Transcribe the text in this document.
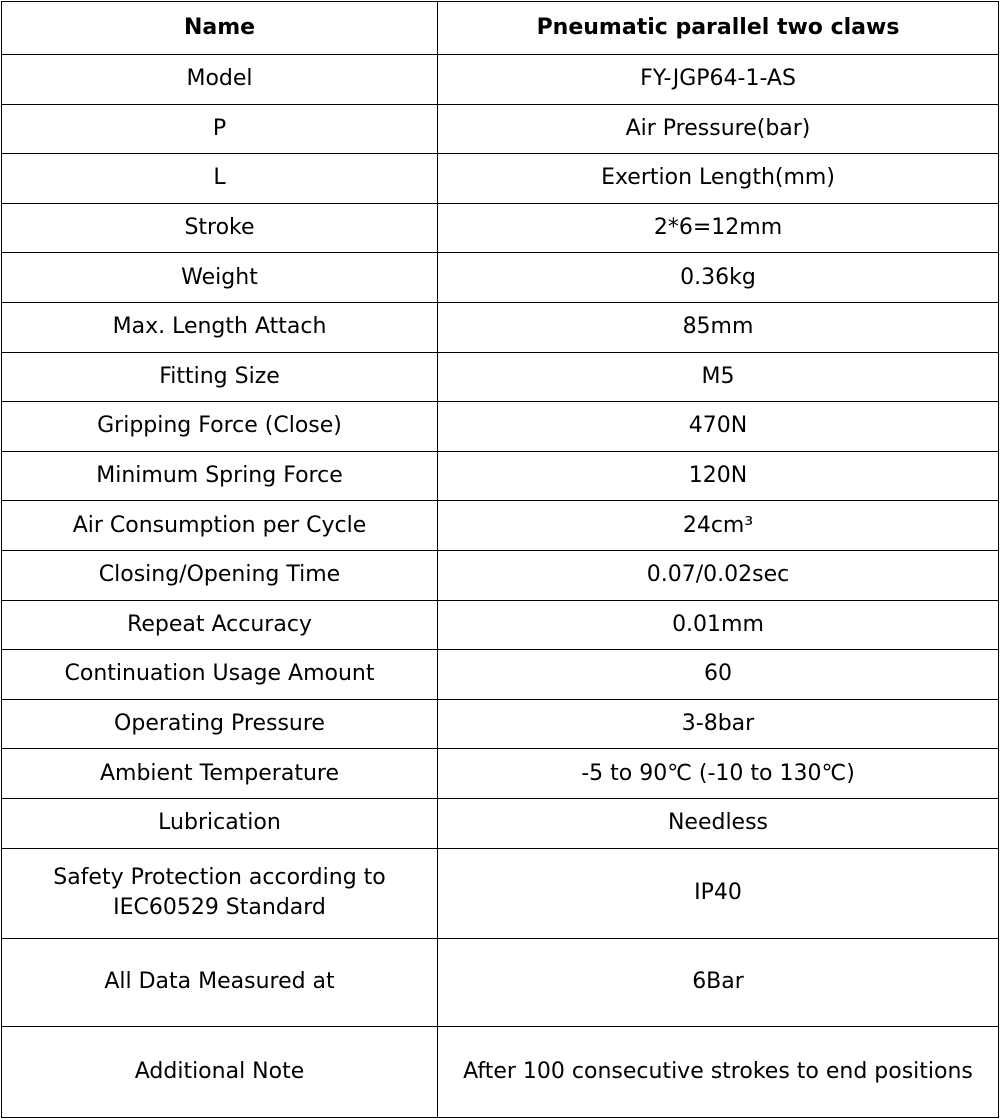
Name	Pneumatic parallel two claws
Model	FY-JGP64-1-AS
P	Air Pressure(bar)
L	Exertion Length(mm)
Stroke	2*6=12mm
Weight	0.36kg
Max. Length Attach	85mm
Fitting Size	M5
Gripping Force (Close)	470N
Minimum Spring Force	120N
Air Consumption per Cycle	24cm³
Closing/Opening Time	0.07/0.02sec
Repeat Accuracy	0.01mm
Continuation Usage Amount	60
Operating Pressure	3-8bar
Ambient Temperature	-5 to 90℃ (-10 to 130℃)
Lubrication	Needless
Safety Protection according to IEC60529 Standard	IP40
All Data Measured at	6Bar
Additional Note	After 100 consecutive strokes to end positions
